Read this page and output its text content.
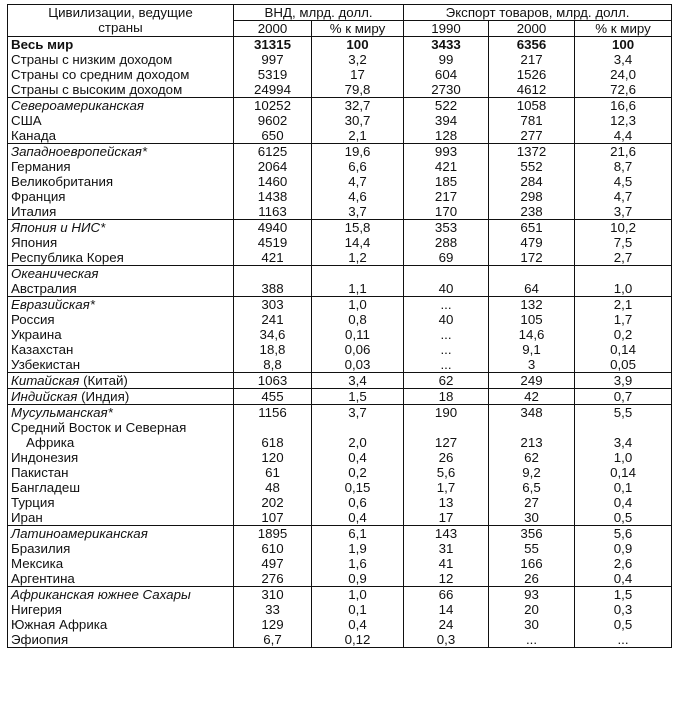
Цивилизации, ведущие
страны	ВНД, млрд. долл.		Экспорт товаров, млрд. долл.		
	2000	% к миру	1990	2000	% к миру
Весь мир	31315	100	3433	6356	100
Страны с низким доходом	997	3,2	99	217	3,4
Страны со средним доходом	5319	17	604	1526	24,0
Страны с высоким доходом	24994	79,8	2730	4612	72,6
Североамериканская	10252	32,7	522	1058	16,6
США	9602	30,7	394	781	12,3
Канада	650	2,1	128	277	4,4
Западноевропейская*	6125	19,6	993	1372	21,6
Германия	2064	6,6	421	552	8,7
Великобритания	1460	4,7	185	284	4,5
Франция	1438	4,6	217	298	4,7
Италия	1163	3,7	170	238	3,7
Япония и НИС*	4940	15,8	353	651	10,2
Япония	4519	14,4	288	479	7,5
Республика Корея	421	1,2	69	172	2,7
Океаническая					
Австралия	388	1,1	40	64	1,0
Евразийская*	303	1,0	...	132	2,1
Россия	241	0,8	40	105	1,7
Украина	34,6	0,11	...	14,6	0,2
Казахстан	18,8	0,06	...	9,1	0,14
Узбекистан	8,8	0,03	...	3	0,05
Китайская (Китай)	1063	3,4	62	249	3,9
Индийская (Индия)	455	1,5	18	42	0,7
Мусульманская*	1156	3,7	190	348	5,5
Средний Восток и Северная					
Африка	618	2,0	127	213	3,4
Индонезия	120	0,4	26	62	1,0
Пакистан	61	0,2	5,6	9,2	0,14
Бангладеш	48	0,15	1,7	6,5	0,1
Турция	202	0,6	13	27	0,4
Иран	107	0,4	17	30	0,5
Латиноамериканская	1895	6,1	143	356	5,6
Бразилия	610	1,9	31	55	0,9
Мексика	497	1,6	41	166	2,6
Аргентина	276	0,9	12	26	0,4
Африканская южнее Сахары	310	1,0	66	93	1,5
Нигерия	33	0,1	14	20	0,3
Южная Африка	129	0,4	24	30	0,5
Эфиопия	6,7	0,12	0,3	...	...
